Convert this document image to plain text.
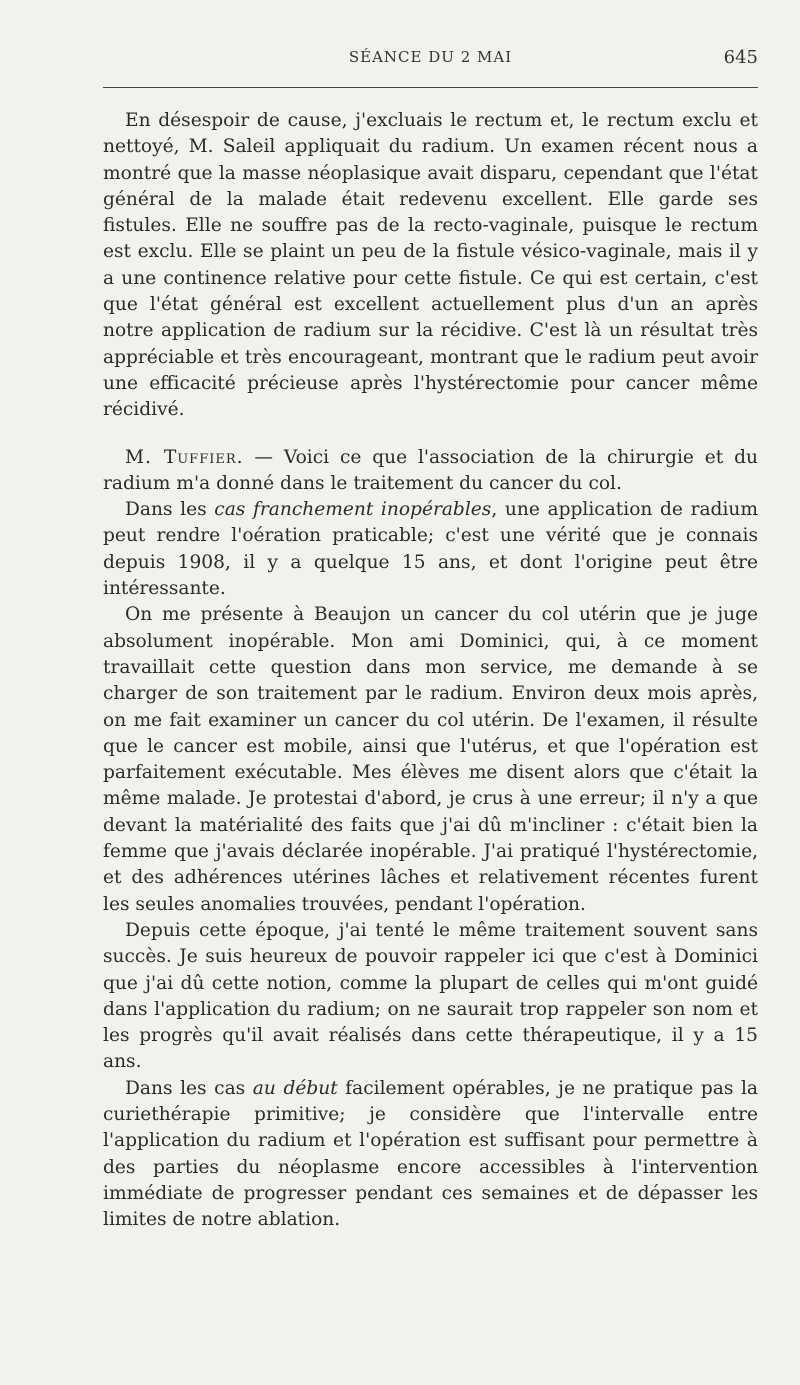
SÉANCE DU 2 MAI	645

En désespoir de cause, j'excluais le rectum et, le rectum exclu et nettoyé, M. Saleil appliquait du radium. Un examen récent nous a montré que la masse néoplasique avait disparu, cependant que l'état général de la malade était redevenu excellent. Elle garde ses fistules. Elle ne souffre pas de la recto-vaginale, puisque le rectum est exclu. Elle se plaint un peu de la fistule vésico-vaginale, mais il y a une continence relative pour cette fistule. Ce qui est certain, c'est que l'état général est excellent actuellement plus d'un an après notre application de radium sur la récidive. C'est là un résultat très appréciable et très encourageant, montrant que le radium peut avoir une efficacité précieuse après l'hystérectomie pour cancer même récidivé.

M. Tuffier. — Voici ce que l'association de la chirurgie et du radium m'a donné dans le traitement du cancer du col.

Dans les cas franchement inopérables, une application de radium peut rendre l'oération praticable; c'est une vérité que je connais depuis 1908, il y a quelque 15 ans, et dont l'origine peut être intéressante.

On me présente à Beaujon un cancer du col utérin que je juge absolument inopérable. Mon ami Dominici, qui, à ce moment travaillait cette question dans mon service, me demande à se charger de son traitement par le radium. Environ deux mois après, on me fait examiner un cancer du col utérin. De l'examen, il résulte que le cancer est mobile, ainsi que l'utérus, et que l'opération est parfaitement exécutable. Mes élèves me disent alors que c'était la même malade. Je protestai d'abord, je crus à une erreur; il n'y a que devant la matérialité des faits que j'ai dû m'incliner : c'était bien la femme que j'avais déclarée inopérable. J'ai pratiqué l'hystérectomie, et des adhérences utérines lâches et relativement récentes furent les seules anomalies trouvées, pendant l'opération.

Depuis cette époque, j'ai tenté le même traitement souvent sans succès. Je suis heureux de pouvoir rappeler ici que c'est à Dominici que j'ai dû cette notion, comme la plupart de celles qui m'ont guidé dans l'application du radium; on ne saurait trop rappeler son nom et les progrès qu'il avait réalisés dans cette thérapeutique, il y a 15 ans.

Dans les cas au début facilement opérables, je ne pratique pas la curiethérapie primitive; je considère que l'intervalle entre l'application du radium et l'opération est suffisant pour permettre à des parties du néoplasme encore accessibles à l'intervention immédiate de progresser pendant ces semaines et de dépasser les limites de notre ablation.
